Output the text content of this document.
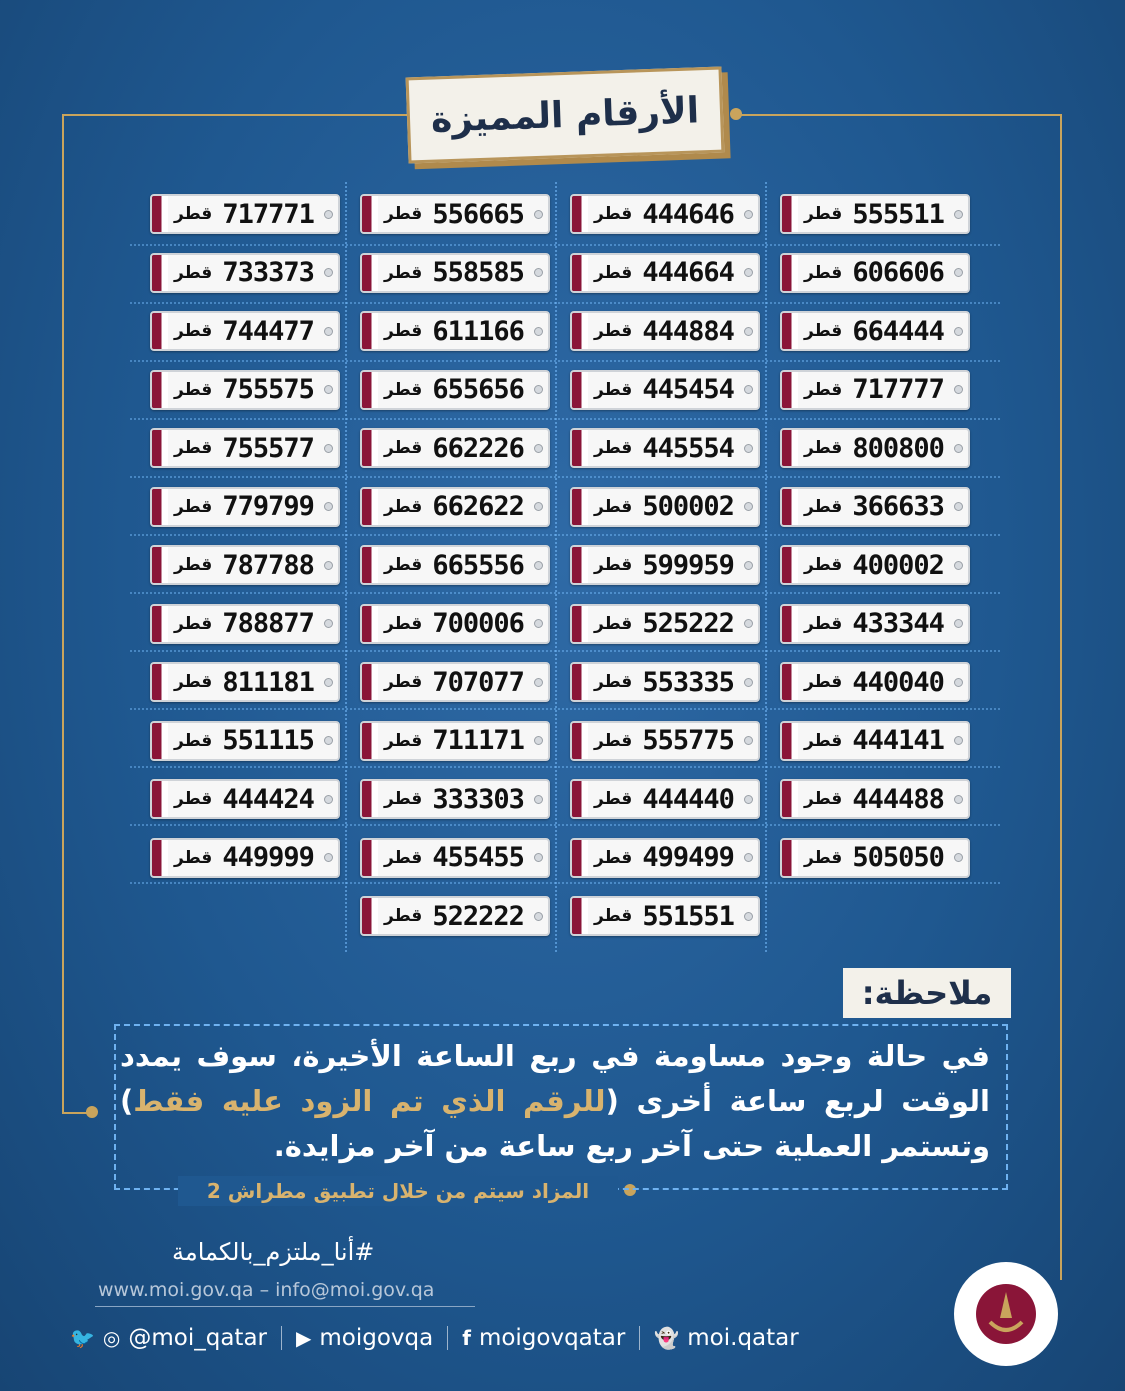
الأرقام المميزة
قطر 555511
قطر 606606
قطر 664444
قطر 717777
قطر 800800
قطر 366633
قطر 400002
قطر 433344
قطر 440040
قطر 444141
قطر 444488
قطر 505050
قطر 444646
قطر 444664
قطر 444884
قطر 445454
قطر 445554
قطر 500002
قطر 599959
قطر 525222
قطر 553335
قطر 555775
قطر 444440
قطر 499499
قطر 551551
قطر 556665
قطر 558585
قطر 611166
قطر 655656
قطر 662226
قطر 662622
قطر 665556
قطر 700006
قطر 707077
قطر 711171
قطر 333303
قطر 455455
قطر 522222
قطر 717771
قطر 733373
قطر 744477
قطر 755575
قطر 755577
قطر 779799
قطر 787788
قطر 788877
قطر 811181
قطر 551115
قطر 444424
قطر 449999
ملاحظة:
في حالة وجود مساومة في ربع الساعة الأخيرة، سوف يمدد الوقت لربع ساعة أخرى (للرقم الذي تم الزود عليه فقط) وتستمر العملية حتى آخر ربع ساعة من آخر مزايدة.
المزاد سيتم من خلال تطبيق مطراش 2
#أنا_ملتزم_بالكمامة
www.moi.gov.qa – info@moi.gov.qa
🐦 ◎ @moi_qatar ▶ moigovqa f moigovqatar 👻 moi.qatar
